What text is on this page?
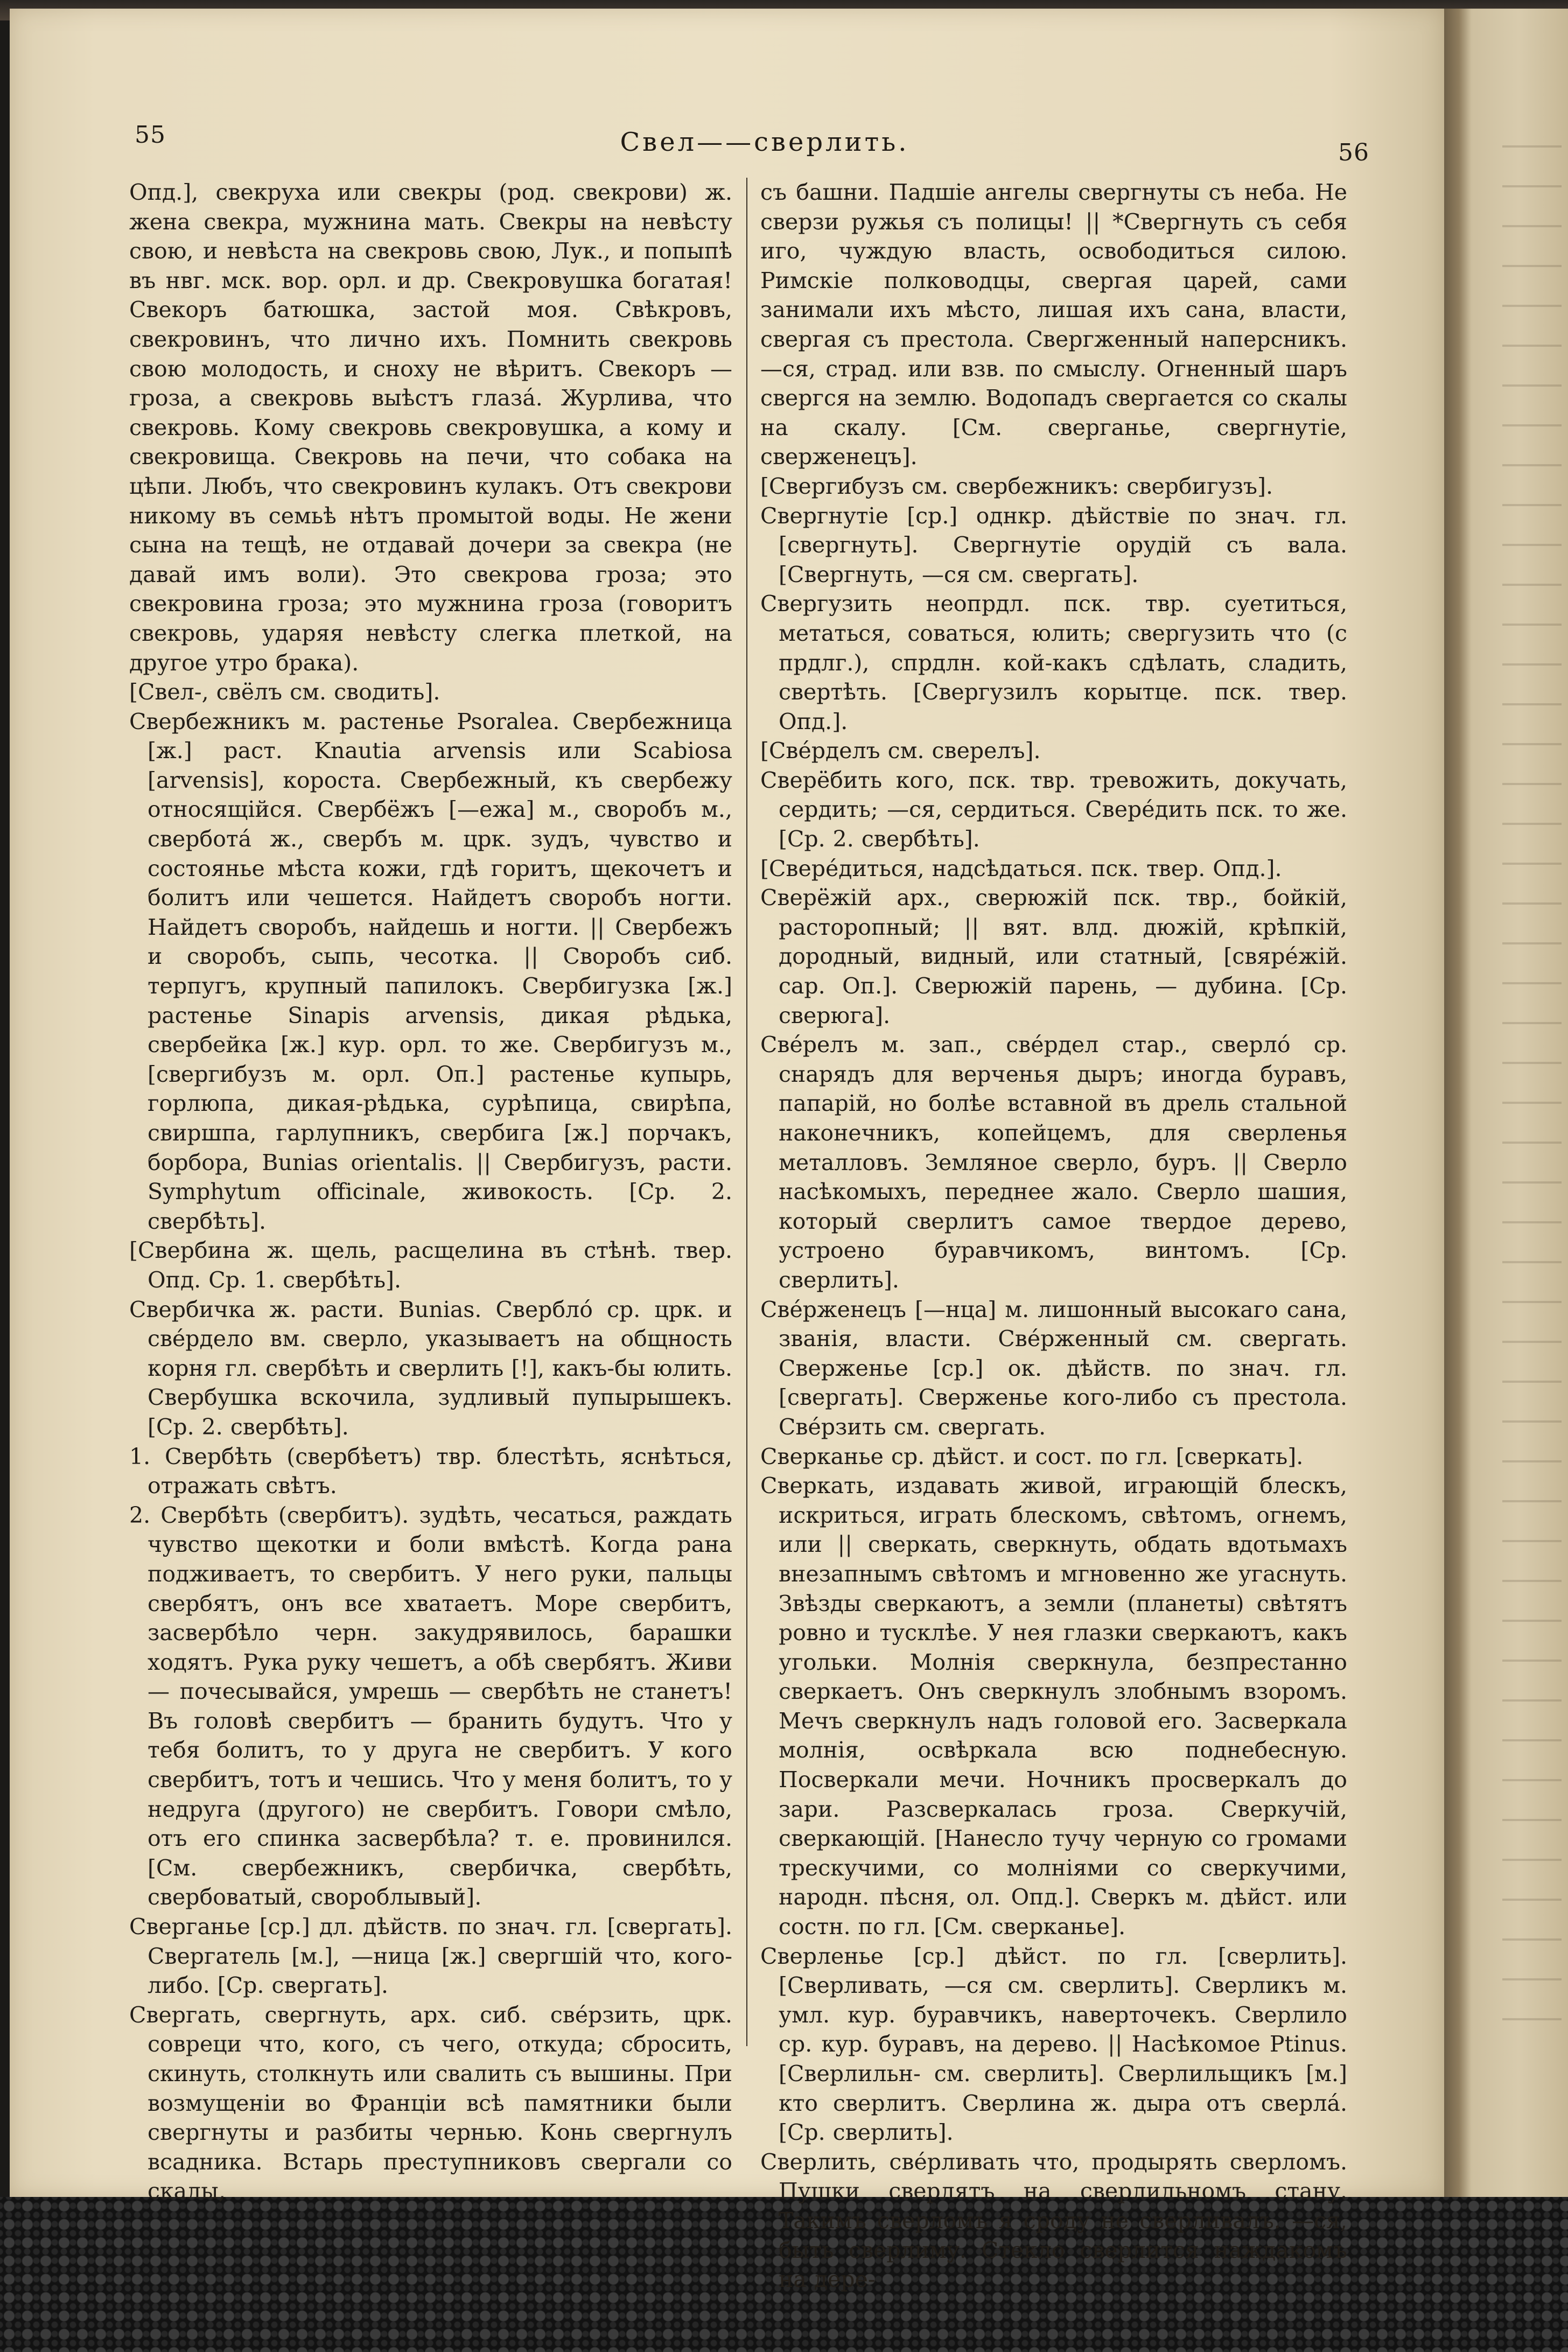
55	Свел——сверлить.	56

Опд.], свекруха или свекры (род. свекрови) ж. жена свекра, мужнина мать. Свекры на невѣсту свою, и невѣста на свекровь свою, Лук., и попыпѣ въ нвг. мск. вор. орл. и др. Свекровушка богатая! Свекоръ батюшка, застой моя. Свѣкровъ, свекровинъ, что лично ихъ. Помнить свекровь свою молодость, и сноху не вѣритъ. Свекоръ — гроза, а свекровь выѣстъ глазá. Журлива, что свекровь. Кому свекровь свекровушка, а кому и свекровища. Свекровь на печи, что собака на цѣпи. Любъ, что свекровинъ кулакъ. Отъ свекрови никому въ семьѣ нѣтъ промытой воды. Не жени сына на тещѣ, не отдавай дочери за свекра (не давай имъ воли). Это свекрова гроза; это свекровина гроза; это мужнина гроза (говоритъ свекровь, ударяя невѣсту слегка плеткой, на другое утро брака).

[Свел-, свёлъ см. сводить].

Свербежникъ м. растенье Psoralea. Свербежница [ж.] раст. Knautia arvensis или Scabiosa [arvensis], короста. Свербежный, къ свербежу относящійся. Свербёжъ [—ежа] м., своробъ м., сверботá ж., свербъ м. црк. зудъ, чувство и состоянье мѣста кожи, гдѣ горитъ, щекочетъ и болитъ или чешется. Найдетъ своробъ ногти. Найдетъ своробъ, найдешь и ногти. || Свербежъ и своробъ, сыпь, чесотка. || Своробъ сиб. терпугъ, крупный папилокъ. Свербигузка [ж.] растенье Sinapis arvensis, дикая рѣдька, свербейка [ж.] кур. орл. то же. Свербигузъ м., [свергибузъ м. орл. Оп.] растенье купырь, горлюпа, дикая-рѣдька, сурѣпица, свирѣпа, свиршпа, гарлупникъ, свербига [ж.] порчакъ, борбора, Bunias orientalis. || Свербигузъ, расти. Symphytum officinale, живокость. [Ср. 2. свербѣть].

[Свербина ж. щель, расщелина въ стѣнѣ. твер. Опд. Ср. 1. свербѣть].

Свербичка ж. расти. Bunias. Сверблó ср. црк. и свéрдело вм. сверло, указываетъ на общность корня гл. свербѣть и сверлить [!], какъ-бы юлить. Свербушка вскочила, зудливый пупырышекъ. [Ср. 2. свербѣть].

1. Свербѣть (свербѣетъ) твр. блестѣть, яснѣться, отражать свѣтъ.

2. Свербѣть (свербитъ). зудѣть, чесаться, раждать чувство щекотки и боли вмѣстѣ. Когда рана подживаетъ, то свербитъ. У него руки, пальцы свербятъ, онъ все хватаетъ. Море свербитъ, засвербѣло черн. закудрявилось, барашки ходятъ. Рука руку чешетъ, а обѣ свербятъ. Живи — почесывайся, умрешь — свербѣть не станетъ! Въ головѣ свербитъ — бранить будутъ. Что у тебя болитъ, то у друга не свербитъ. У кого свербитъ, тотъ и чешись. Что у меня болитъ, то у недруга (другого) не свербитъ. Говори смѣло, отъ его спинка засвербѣла? т. е. провинился. [См. свербежникъ, свербичка, свербѣть, свербоватый, свороблывый].

Сверганье [ср.] дл. дѣйств. по знач. гл. [свергать]. Свергатель [м.], —ница [ж.] свергшій что, кого-либо. [Ср. свергать].

Свергать, свергнуть, арх. сиб. свéрзить, црк. совреци что, кого, съ чего, откуда; сбросить, скинуть, столкнуть или свалить съ вышины. При возмущеніи во Франціи всѣ памятники были свергнуты и разбиты чернью. Конь свергнулъ всадника. Встарь преступниковъ свергали со скалы,

съ башни. Падшіе ангелы свергнуты съ неба. Не сверзи ружья съ полицы! || *Свергнуть съ себя иго, чуждую власть, освободиться силою. Римскіе полководцы, свергая царей, сами занимали ихъ мѣсто, лишая ихъ сана, власти, свергая съ престола. Свергженный наперсникъ. —ся, страд. или взв. по смыслу. Огненный шаръ свергся на землю. Водопадъ свергается со скалы на скалу. [См. сверганье, свергнутіе, сверженецъ].

[Свергибузъ см. свербежникъ: свербигузъ].

Свергнутіе [ср.] однкр. дѣйствіе по знач. гл. [свергнуть]. Свергнутіе орудій съ вала. [Свергнуть, —ся см. свергать].

Свергузить неопрдл. пск. твр. суетиться, метаться, соваться, юлить; свергузить что (с прдлг.), спрдлн. кой-какъ сдѣлать, сладить, свертѣть. [Свергузилъ корытце. пск. твер. Опд.].

[Свéрделъ см. сверелъ].

Сверёбить кого, пск. твр. тревожить, докучать, сердить; —ся, сердиться. Сверéдить пск. то же. [Ср. 2. свербѣть].

[Сверéдиться, надсѣдаться. пск. твер. Опд.].

Сверёжій арх., сверюжій пск. твр., бойкій, расторопный; || вят. влд. дюжій, крѣпкій, дородный, видный, или статный, [свярéжій. сар. Оп.]. Сверюжій парень, — дубина. [Ср. сверюга].

Свéрелъ м. зап., свéрдел стар., сверлó ср. снарядъ для верченья дыръ; иногда буравъ, папарій, но болѣе вставной въ дрель стальной наконечникъ, копейцемъ, для сверленья металловъ. Земляное сверло, буръ. || Сверло насѣкомыхъ, переднее жало. Сверло шашия, который сверлитъ самое твердое дерево, устроено буравчикомъ, винтомъ. [Ср. сверлить].

Свéрженецъ [—нца] м. лишонный высокаго сана, званія, власти. Свéрженный см. свергать. Сверженье [ср.] ок. дѣйств. по знач. гл. [свергать]. Сверженье кого-либо съ престола. Свéрзить см. свергать.

Сверканье ср. дѣйст. и сост. по гл. [сверкать].

Сверкать, издавать живой, играющій блескъ, искриться, играть блескомъ, свѣтомъ, огнемъ, или || сверкать, сверкнуть, обдать вдотьмахъ внезапнымъ свѣтомъ и мгновенно же угаснуть. Звѣзды сверкаютъ, а земли (планеты) свѣтятъ ровно и тусклѣе. У нея глазки сверкаютъ, какъ угольки. Молнія сверкнула, безпрестанно сверкаетъ. Онъ сверкнулъ злобнымъ взоромъ. Мечъ сверкнулъ надъ головой его. Засверкала молнія, освѣркала всю поднебесную. Посверкали мечи. Ночникъ просверкалъ до зари. Разсверкалась гроза. Сверкучій, сверкающій. [Нанесло тучу черную со громами трескучими, со молніями со сверкучими, народн. пѣсня, ол. Опд.]. Сверкъ м. дѣйст. или состн. по гл. [См. сверканье].

Сверленье [ср.] дѣйст. по гл. [сверлить]. [Сверливать, —ся см. сверлить]. Сверликъ м. умл. кур. буравчикъ, наверточекъ. Сверлило ср. кур. буравъ, на дерево. || Насѣкомое Ptinus. [Сверлильн- см. сверлить]. Сверлильщикъ [м.] кто сверлитъ. Сверлина ж. дыра отъ сверлá. [Ср. сверлить].

Сверлить, свéрливать что, продырять сверломъ. Пушки сверлятъ на сверлильномъ стану. Такимъ сверломъ я сроду не сверливалъ. —ся, быть сверлиму. Стекло сверлится наждакомъ на дере-
